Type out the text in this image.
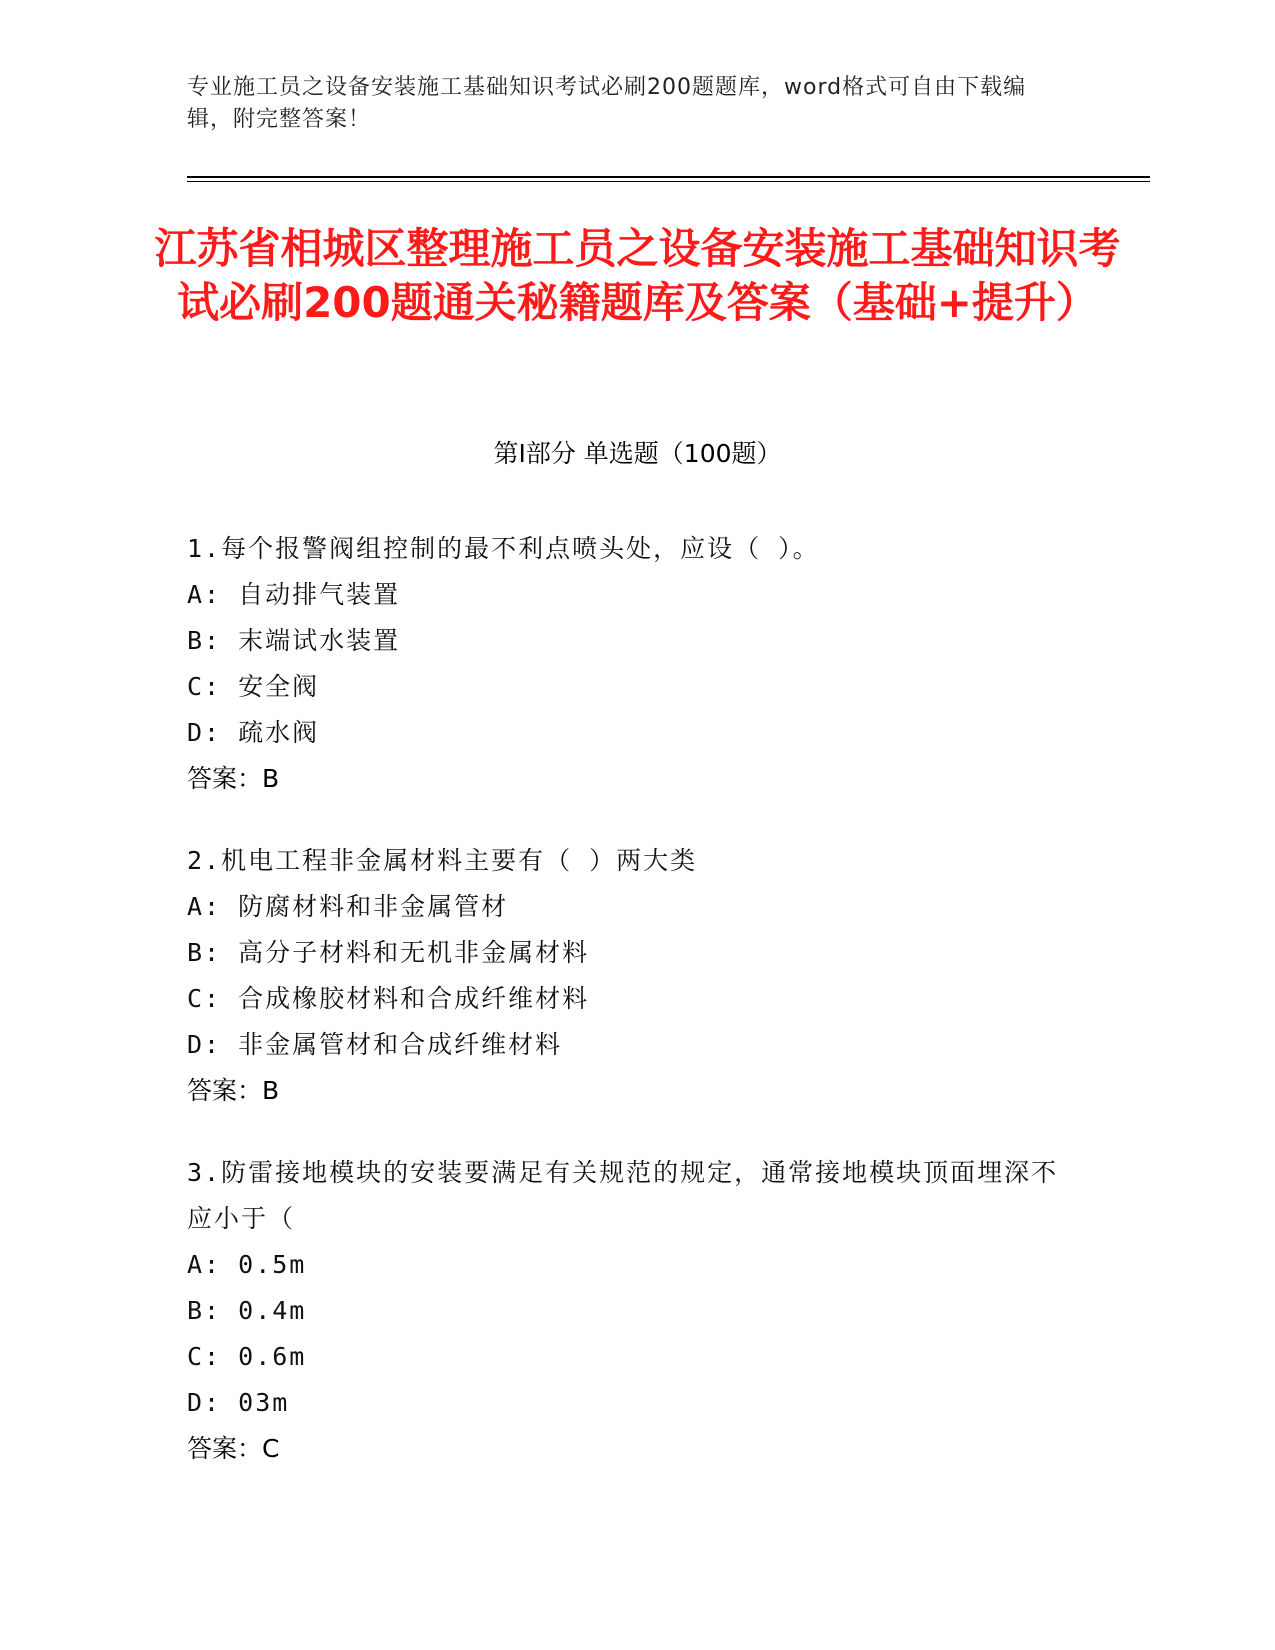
专业施工员之设备安装施工基础知识考试必刷200题题库，word格式可自由下载编辑，附完整答案！
江苏省相城区整理施工员之设备安装施工基础知识考试必刷200题通关秘籍题库及答案（基础+提升）
第Ⅰ部分 单选题（100题）
1.每个报警阀组控制的最不利点喷头处，应设（ ）。
A: 自动排气装置
B: 末端试水装置
C: 安全阀
D: 疏水阀
答案：B
2.机电工程非金属材料主要有（ ）两大类
A: 防腐材料和非金属管材
B: 高分子材料和无机非金属材料
C: 合成橡胶材料和合成纤维材料
D: 非金属管材和合成纤维材料
答案：B
3.防雷接地模块的安装要满足有关规范的规定，通常接地模块顶面埋深不应小于（
A: 0.5m
B: 0.4m
C: 0.6m
D: 03m
答案：C
